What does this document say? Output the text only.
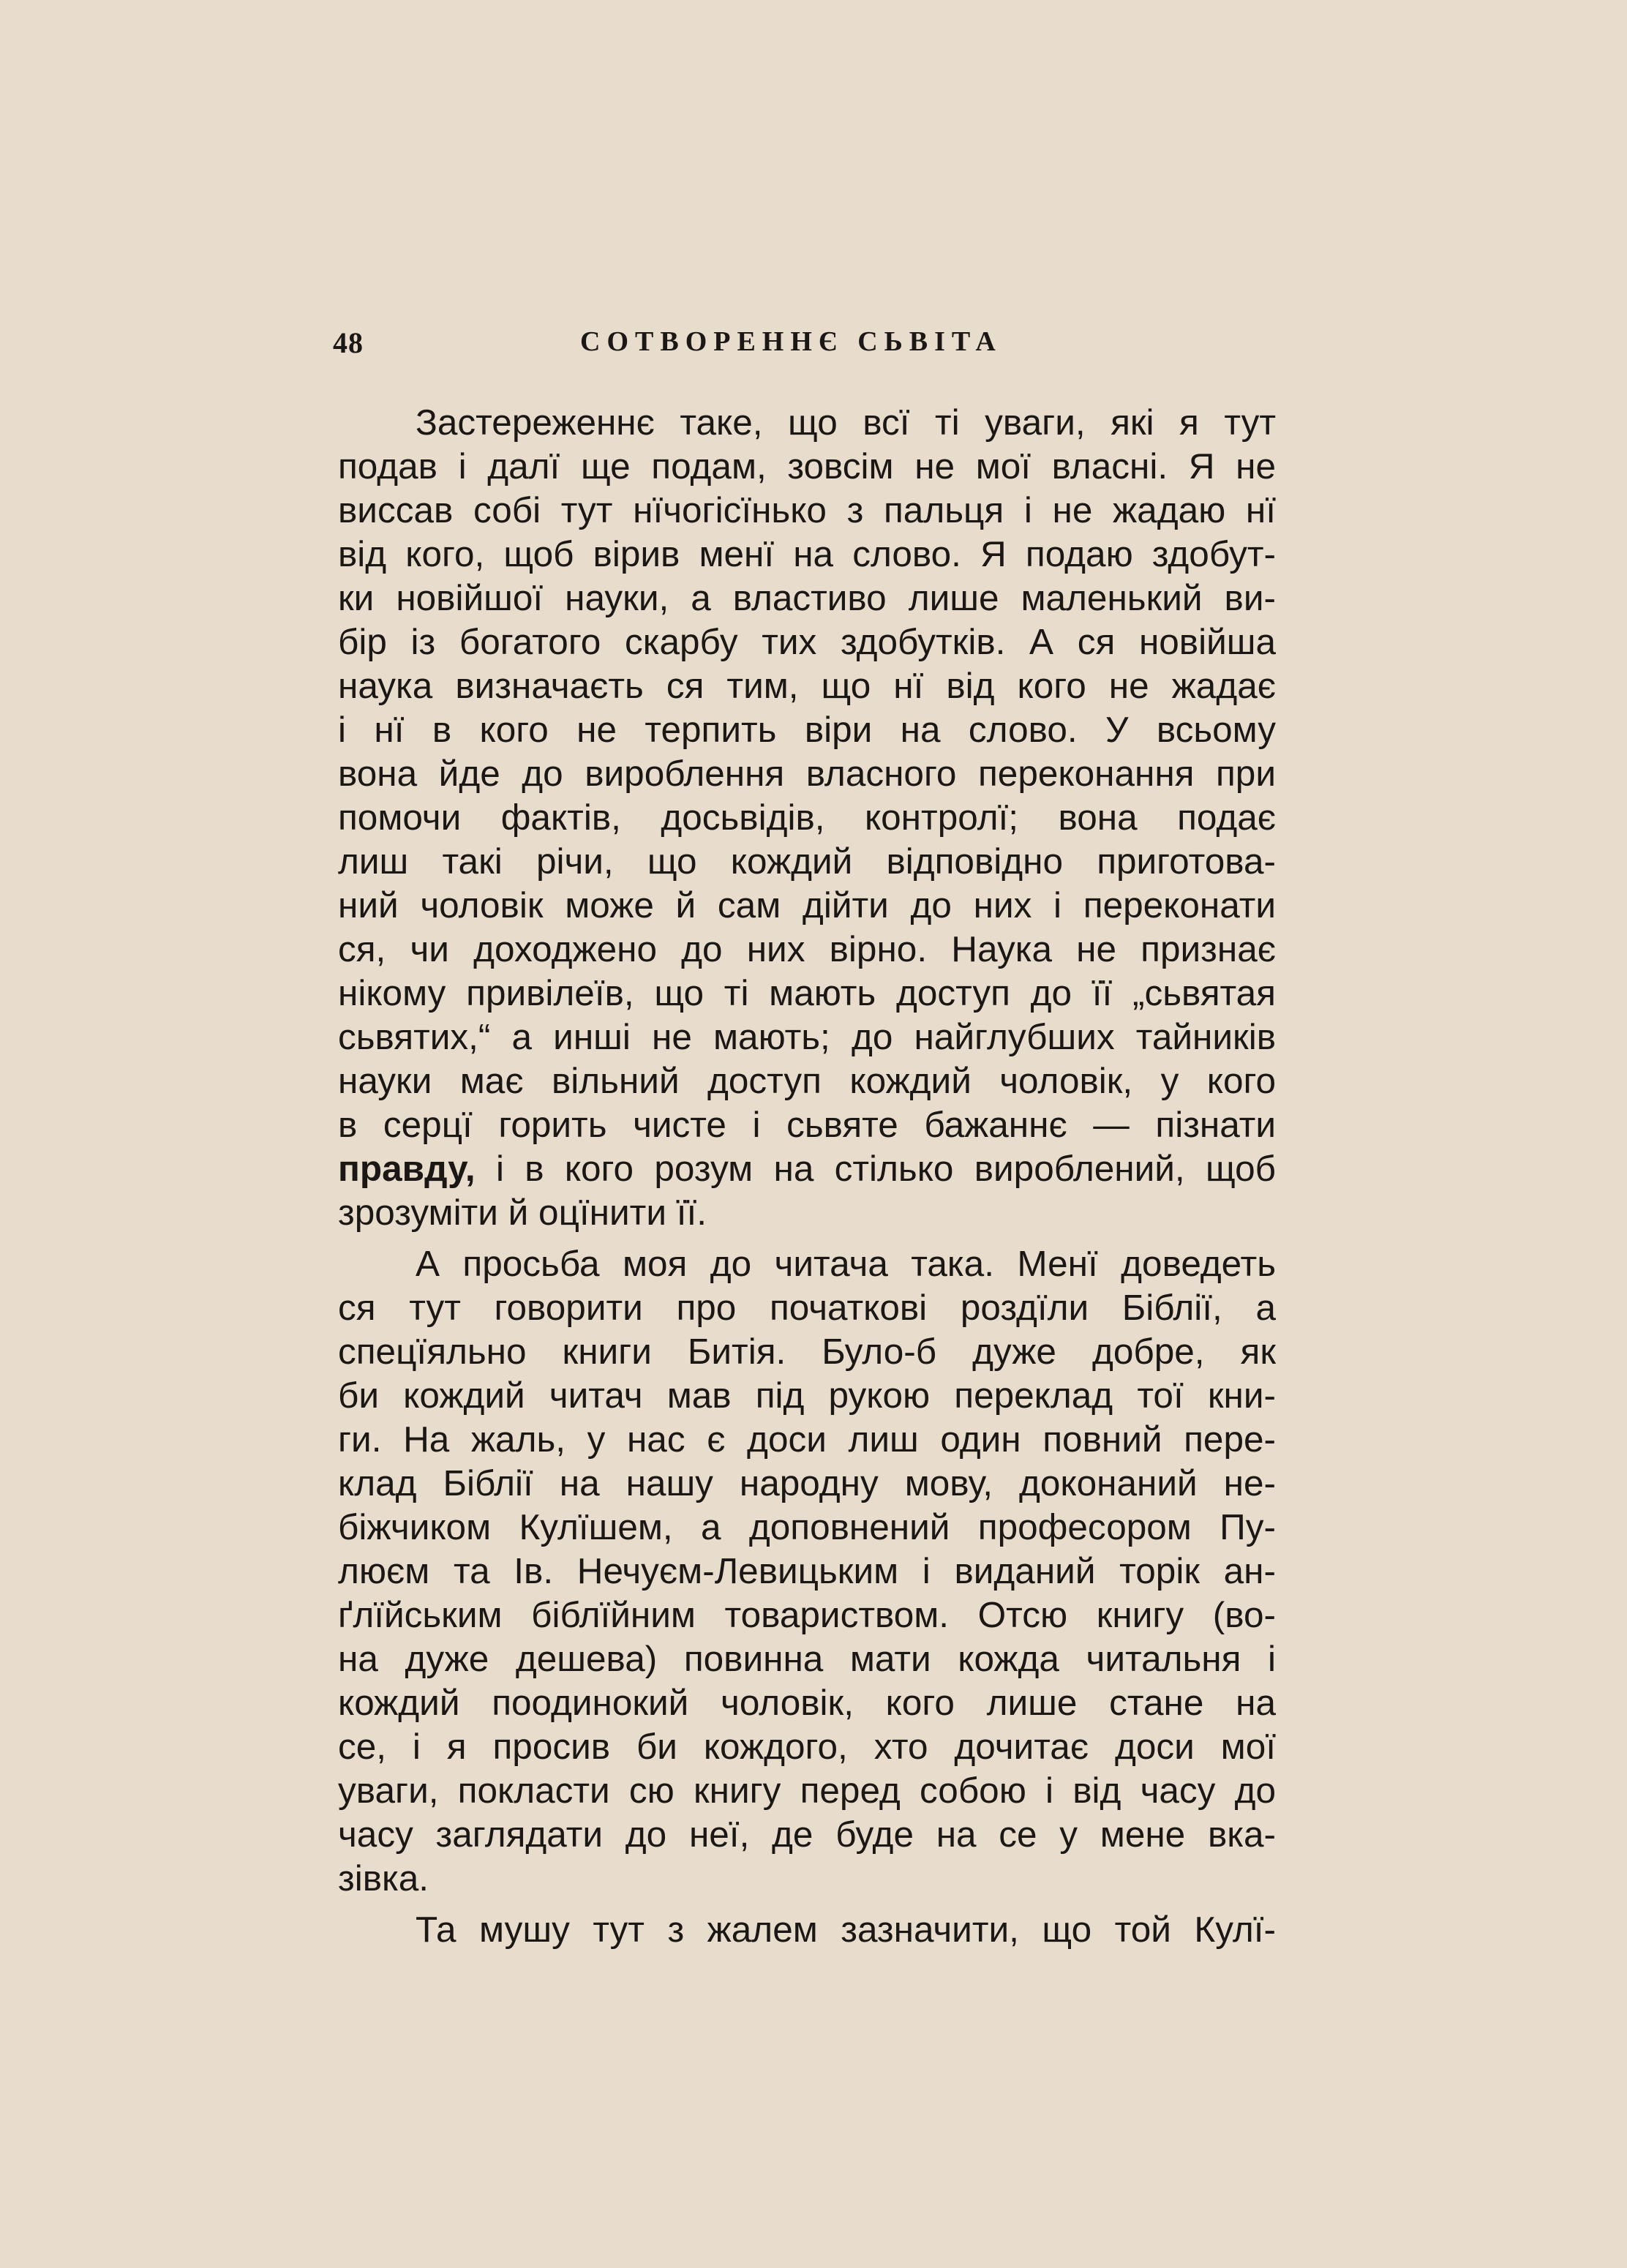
48	СОТВОРЕННЄ СЬВІТА
Застереженнє таке, що всї ті уваги, які я тут
подав і далї ще подам, зовсім не мої власні. Я не
виссав собі тут нїчогісїнько з пальця і не жадаю нї
від кого, щоб вірив менї на слово. Я подаю здобут-
ки новійшої науки, а властиво лише маленький ви-
бір із богатого скарбу тих здобутків. А ся новійша
наука визначаєть ся тим, що нї від кого не жадає
і нї в кого не терпить віри на слово. У всьому
вона йде до вироблення власного переконання при
помочи фактів, досьвідів, контролї; вона подає
лиш такі річи, що кождий відповідно приготова-
ний чоловік може й сам дійти до них і переконати
ся, чи доходжено до них вірно. Наука не признає
нікому привілеїв, що ті мають доступ до її „сьвятая
сьвятих,“ а инші не мають; до найглубших тайників
науки має вільний доступ кождий чоловік, у кого
в серцї горить чисте і сьвяте бажаннє — пізнати
правду, і в кого розум на стілько вироблений, щоб
зрозуміти й оцїнити її.
А просьба моя до читача така. Менї доведеть
ся тут говорити про початкові роздїли Біблії, а
спецїяльно книги Битія. Було-б дуже добре, як
би кождий читач мав під рукою переклад тої кни-
ги. На жаль, у нас є доси лиш один повний пере-
клад Біблії на нашу народну мову, доконаний не-
біжчиком Кулїшем, а доповнений професором Пу-
люєм та Ів. Нечуєм-Левицьким і виданий торік ан-
ґлїйським біблїйним товариством. Отсю книгу (во-
на дуже дешева) повинна мати кожда читальня і
кождий поодинокий чоловік, кого лише стане на
се, і я просив би кождого, хто дочитає доси мої
уваги, покласти сю книгу перед собою і від часу до
часу заглядати до неї, де буде на се у мене вка-
зівка.
Та мушу тут з жалем зазначити, що той Кулї-
